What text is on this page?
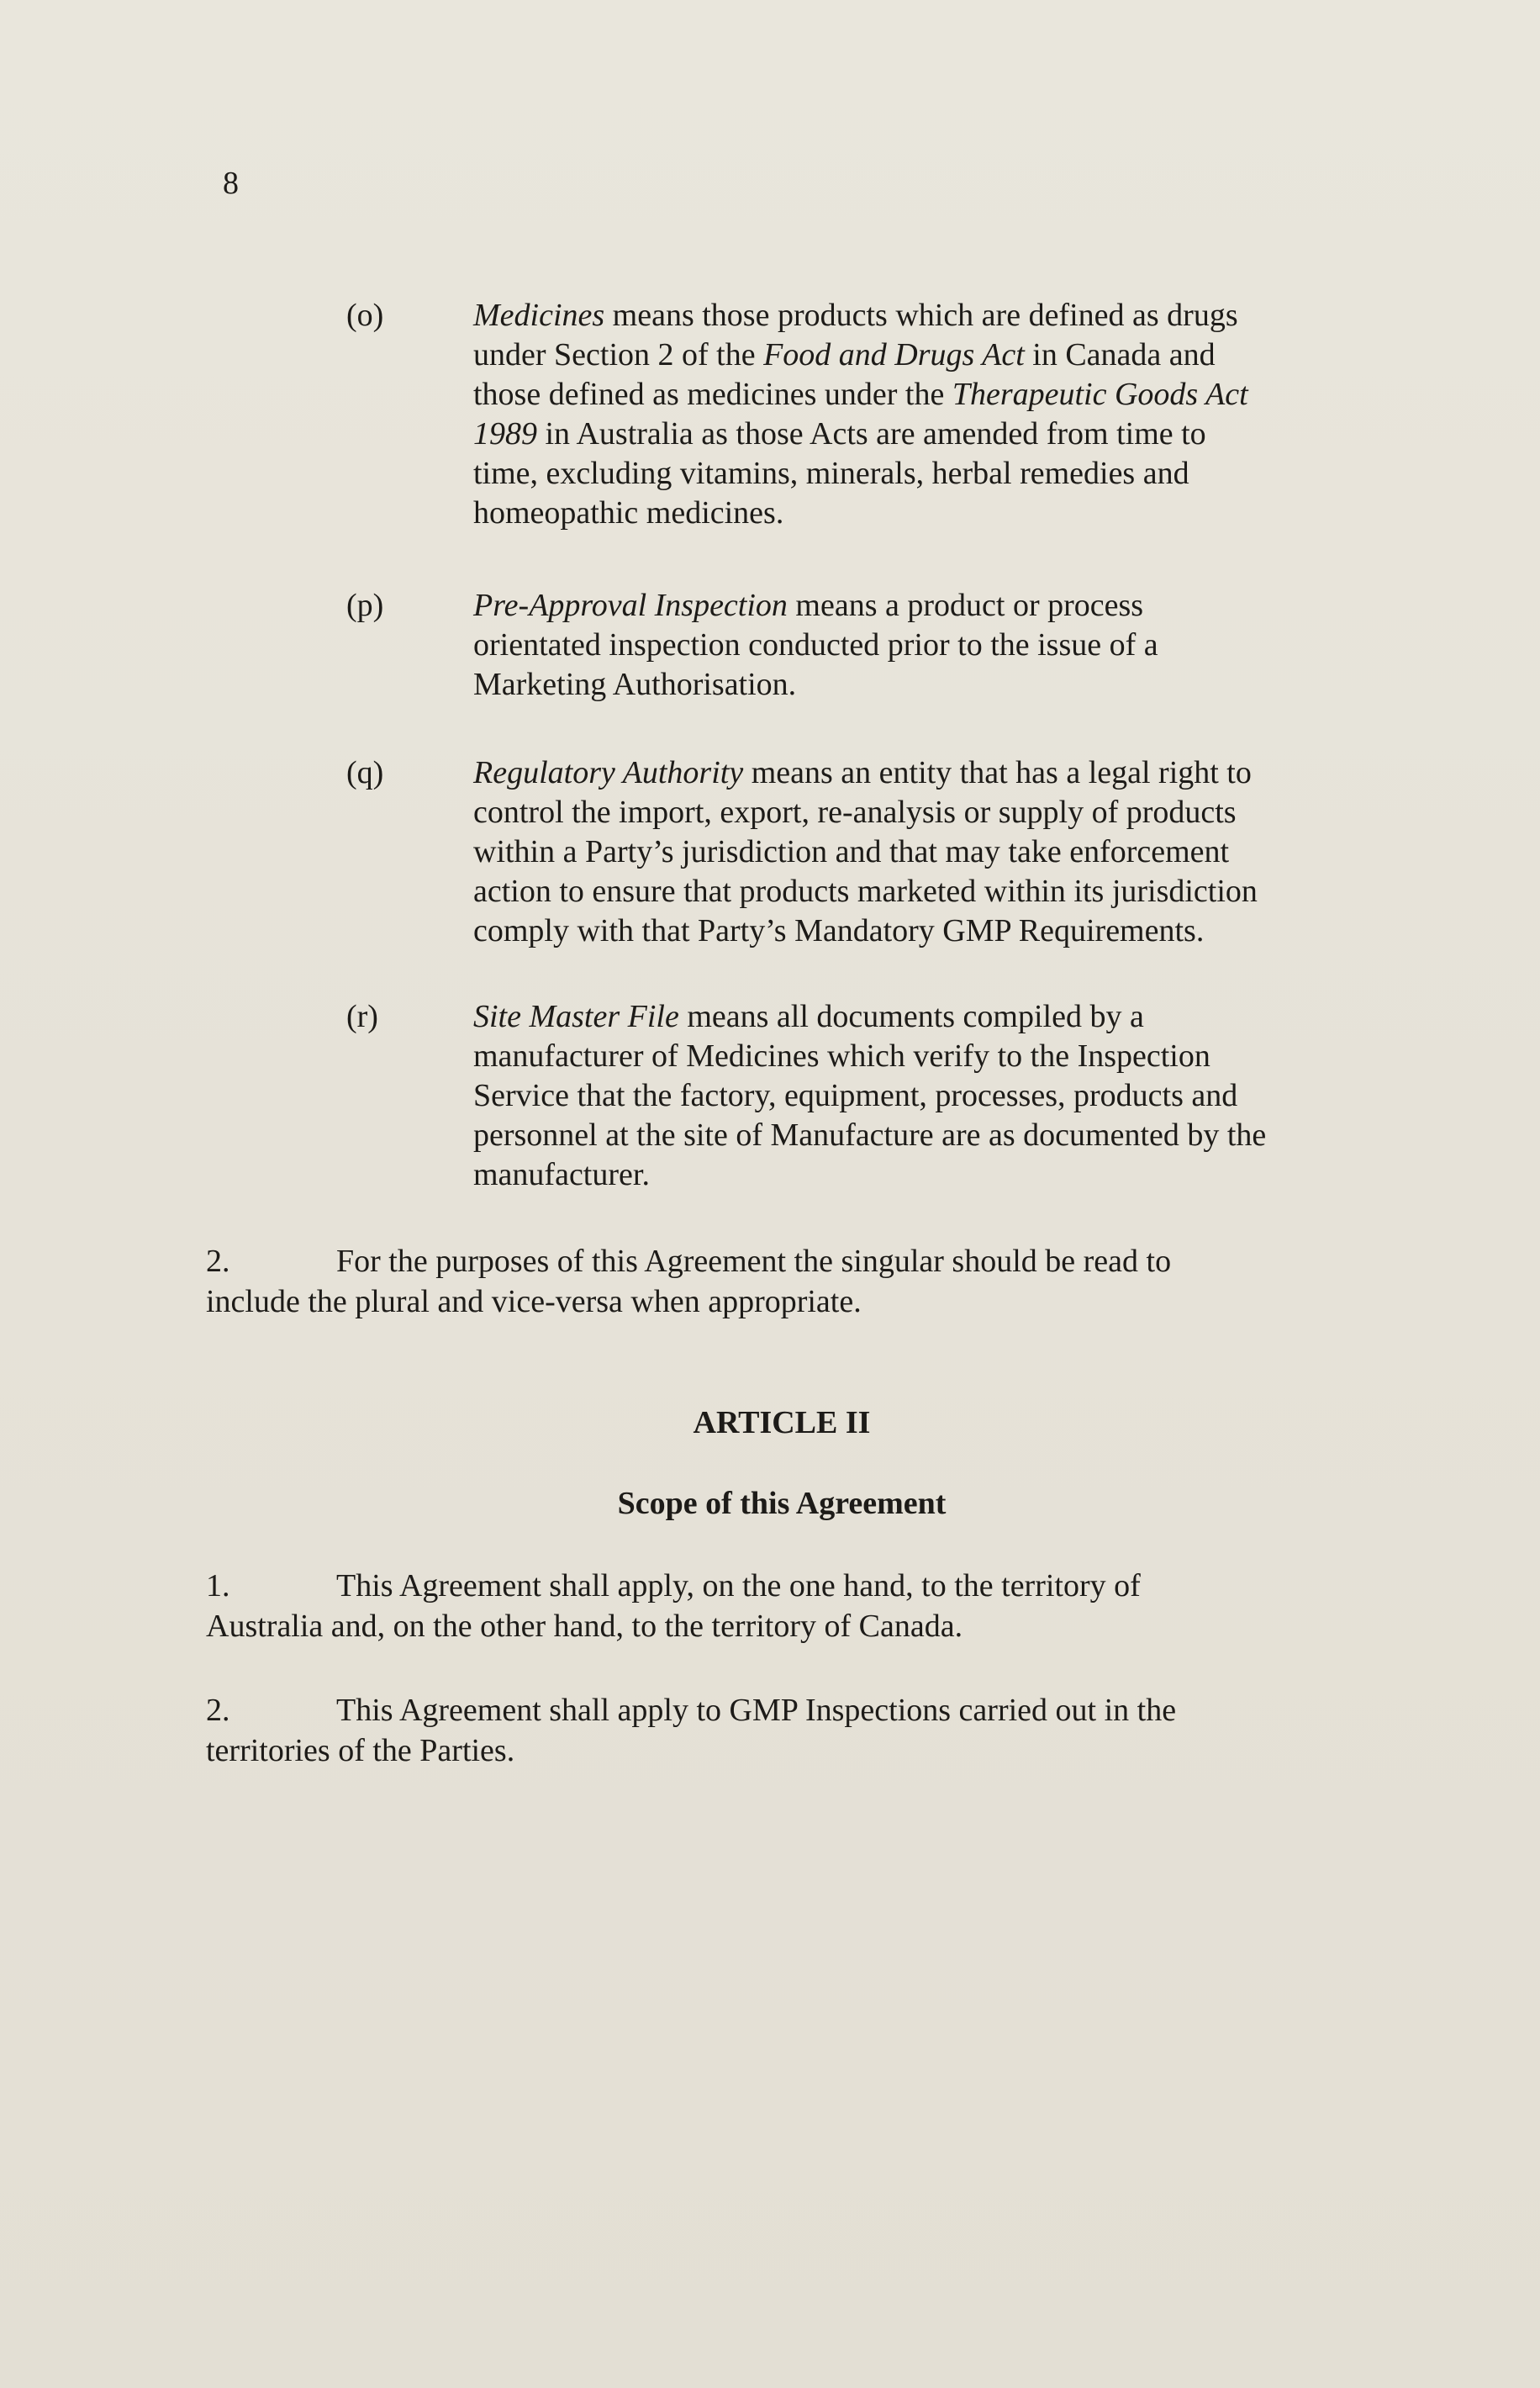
8
(o)	Medicines means those products which are defined as drugs
under Section 2 of the Food and Drugs Act in Canada and
those defined as medicines under the Therapeutic Goods Act
1989 in Australia as those Acts are amended from time to
time, excluding vitamins, minerals, herbal remedies and
homeopathic medicines.
(p)	Pre-Approval Inspection means a product or process
orientated inspection conducted prior to the issue of a
Marketing Authorisation.
(q)	Regulatory Authority means an entity that has a legal right to
control the import, export, re-analysis or supply of products
within a Party’s jurisdiction and that may take enforcement
action to ensure that products marketed within its jurisdiction
comply with that Party’s Mandatory GMP Requirements.
(r)	Site Master File means all documents compiled by a
manufacturer of Medicines which verify to the Inspection
Service that the factory, equipment, processes, products and
personnel at the site of Manufacture are as documented by the
manufacturer.
2.	For the purposes of this Agreement the singular should be read to
include the plural and vice-versa when appropriate.
ARTICLE II
Scope of this Agreement
1.	This Agreement shall apply, on the one hand, to the territory of
Australia and, on the other hand, to the territory of Canada.
2.	This Agreement shall apply to GMP Inspections carried out in the
territories of the Parties.
